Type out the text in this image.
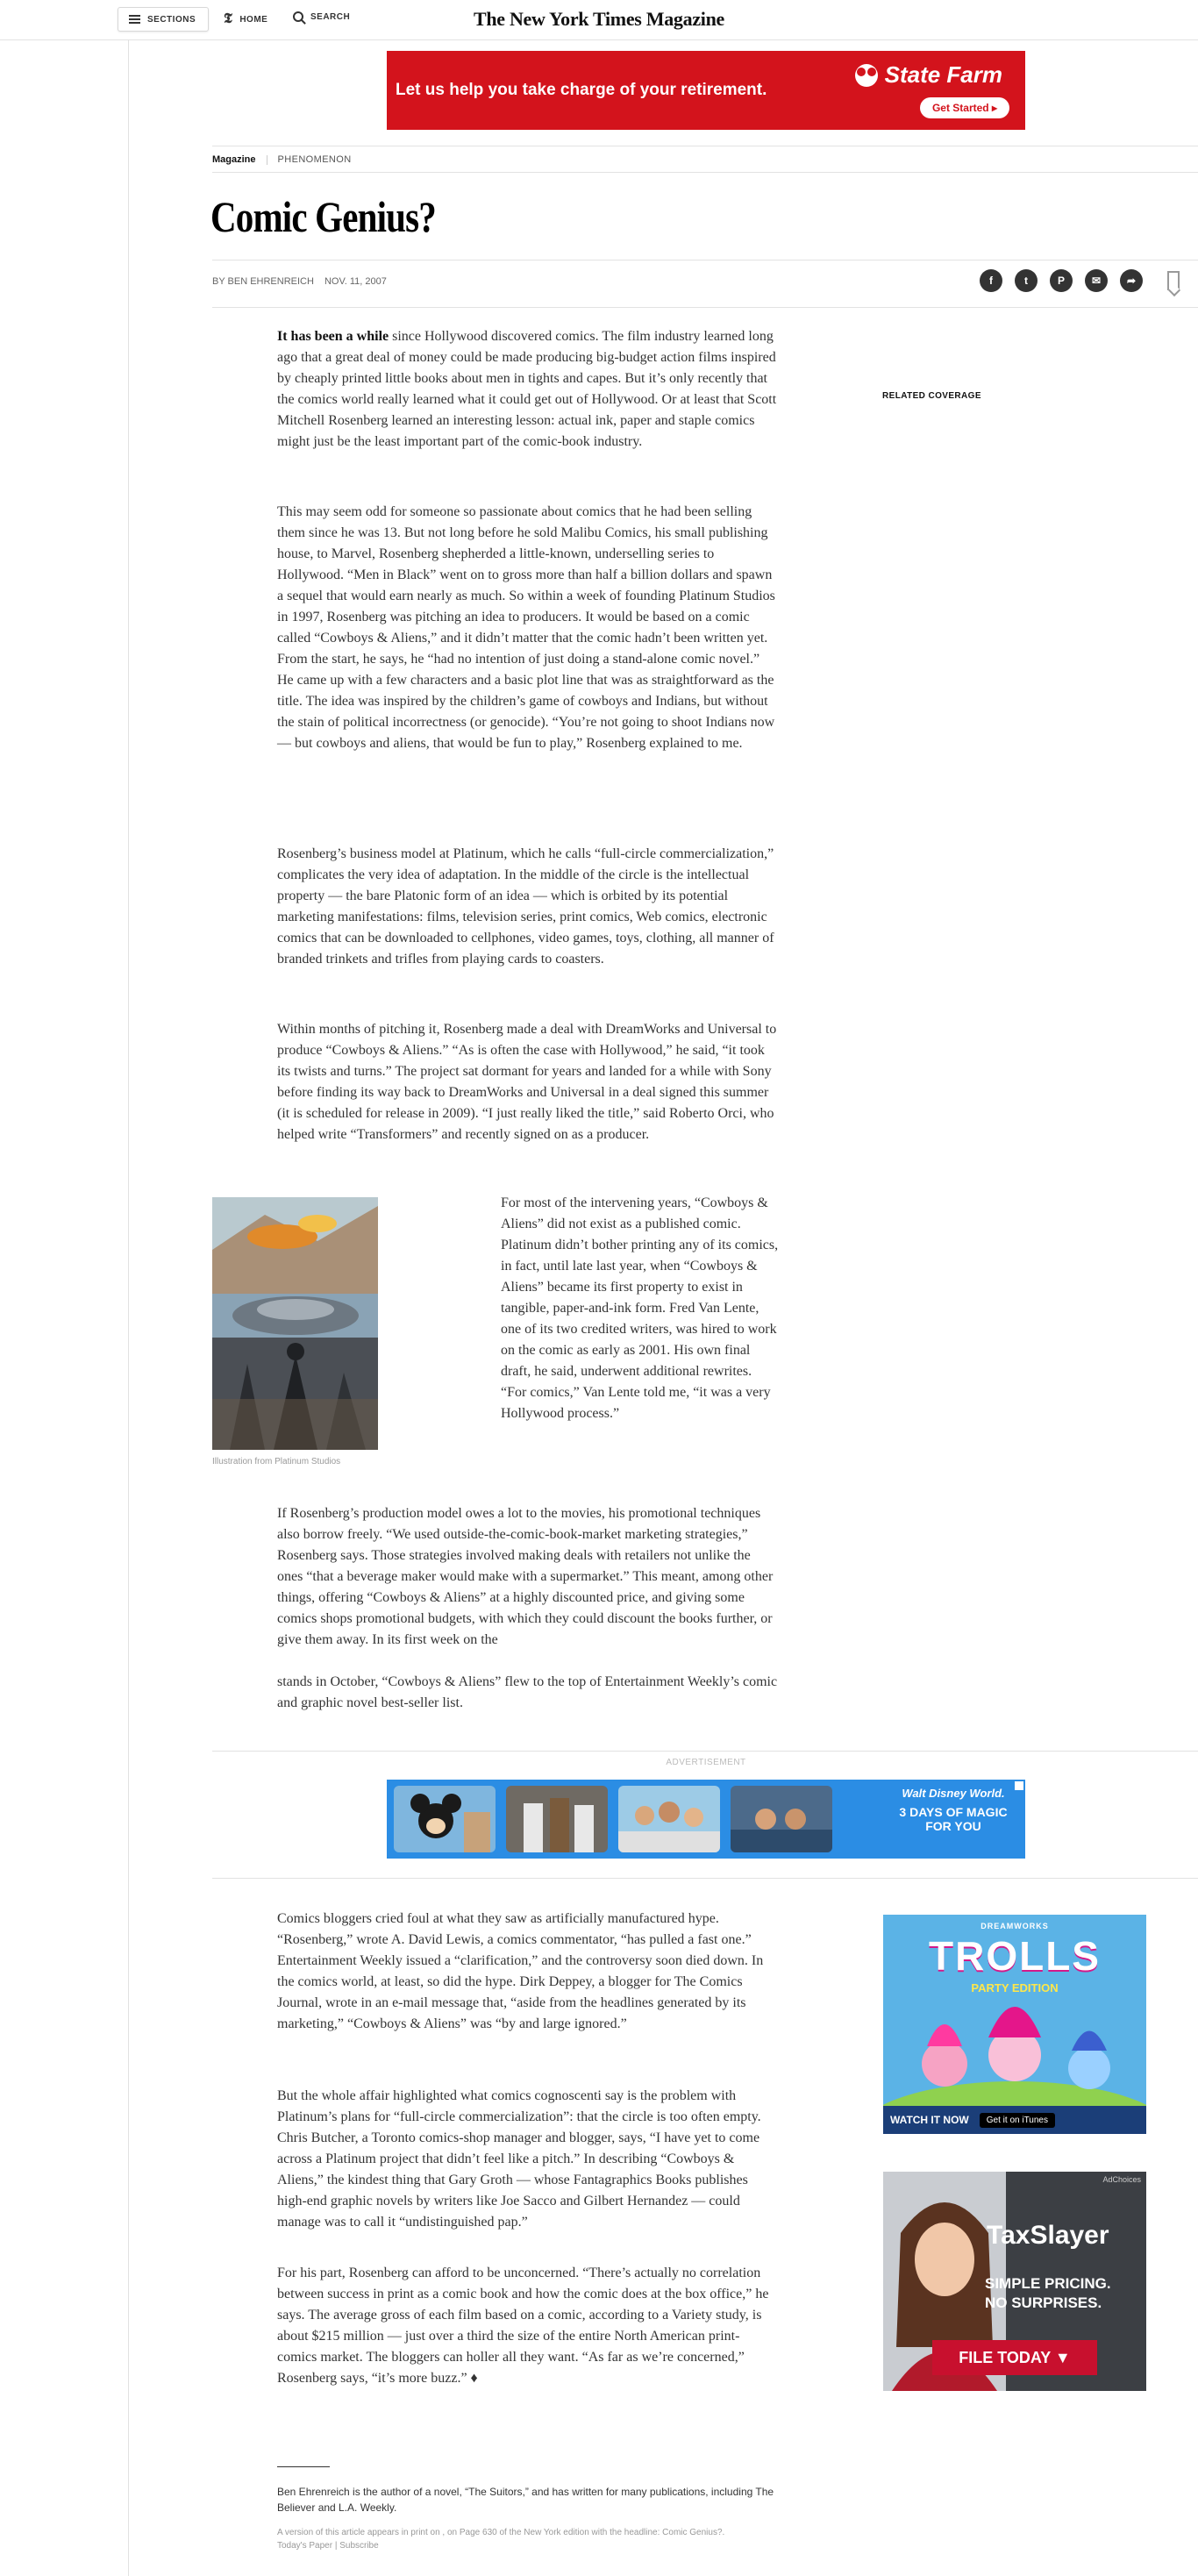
SECTIONS 𝕿 HOME	SEARCH	The New York Times Magazine
Let us help you take charge of your retirement.
State Farm
Get Started ▸
Magazine PHENOMENON
Comic Genius?
BY BEN EHRENREICH NOV. 11, 2007	f	t	P	✉	➦
RELATED COVERAGE

It has been a while since Hollywood discovered comics. The film industry learned long ago that a great deal of money could be made producing big-budget action films inspired by cheaply printed little books about men in tights and capes. But it’s only recently that the comics world really learned what it could get out of Hollywood. Or at least that Scott Mitchell Rosenberg learned an interesting lesson: actual ink, paper and staple comics might just be the least important part of the comic-book industry.

This may seem odd for someone so passionate about comics that he had been selling them since he was 13. But not long before he sold Malibu Comics, his small publishing house, to Marvel, Rosenberg shepherded a little-known, underselling series to Hollywood. “Men in Black” went on to gross more than half a billion dollars and spawn a sequel that would earn nearly as much. So within a week of founding Platinum Studios in 1997, Rosenberg was pitching an idea to producers. It would be based on a comic called “Cowboys & Aliens,” and it didn’t matter that the comic hadn’t been written yet. From the start, he says, he “had no intention of just doing a stand-alone comic novel.” He came up with a few characters and a basic plot line that was as straightforward as the title. The idea was inspired by the children’s game of cowboys and Indians, but without the stain of political incorrectness (or genocide). “You’re not going to shoot Indians now — but cowboys and aliens, that would be fun to play,” Rosenberg explained to me.

Rosenberg’s business model at Platinum, which he calls “full-circle commercialization,” complicates the very idea of adaptation. In the middle of the circle is the intellectual property — the bare Platonic form of an idea — which is orbited by its potential marketing manifestations: films, television series, print comics, Web comics, electronic comics that can be downloaded to cellphones, video games, toys, clothing, all manner of branded trinkets and trifles from playing cards to coasters.

Within months of pitching it, Rosenberg made a deal with DreamWorks and Universal to produce “Cowboys & Aliens.” “As is often the case with Hollywood,” he said, “it took its twists and turns.” The project sat dormant for years and landed for a while with Sony before finding its way back to DreamWorks and Universal in a deal signed this summer (it is scheduled for release in 2009). “I just really liked the title,” said Roberto Orci, who helped write “Transformers” and recently signed on as a producer.

Illustration from Platinum Studios

For most of the intervening years, “Cowboys & Aliens” did not exist as a published comic. Platinum didn’t bother printing any of its comics, in fact, until late last year, when “Cowboys & Aliens” became its first property to exist in tangible, paper-and-ink form. Fred Van Lente, one of its two credited writers, was hired to work on the comic as early as 2001. His own final draft, he said, underwent additional rewrites. “For comics,” Van Lente told me, “it was a very Hollywood process.”

If Rosenberg’s production model owes a lot to the movies, his promotional techniques also borrow freely. “We used outside-the-comic-book-market marketing strategies,” Rosenberg says. Those strategies involved making deals with retailers not unlike the ones “that a beverage maker would make with a supermarket.” This meant, among other things, offering “Cowboys & Aliens” at a highly discounted price, and giving some comics shops promotional budgets, with which they could discount the books further, or give them away. In its first week on the

stands in October, “Cowboys & Aliens” flew to the top of Entertainment Weekly’s comic and graphic novel best-seller list.

ADVERTISEMENT
Walt Disney World.
3 DAYS OF MAGIC FOR YOU

Comics bloggers cried foul at what they saw as artificially manufactured hype. “Rosenberg,” wrote A. David Lewis, a comics commentator, “has pulled a fast one.” Entertainment Weekly issued a “clarification,” and the controversy soon died down. In the comics world, at least, so did the hype. Dirk Deppey, a blogger for The Comics Journal, wrote in an e-mail message that, “aside from the headlines generated by its marketing,” “Cowboys & Aliens” was “by and large ignored.”

But the whole affair highlighted what comics cognoscenti say is the problem with Platinum’s plans for “full-circle commercialization”: that the circle is too often empty. Chris Butcher, a Toronto comics-shop manager and blogger, says, “I have yet to come across a Platinum project that didn’t feel like a pitch.” In describing “Cowboys & Aliens,” the kindest thing that Gary Groth — whose Fantagraphics Books publishes high-end graphic novels by writers like Joe Sacco and Gilbert Hernandez — could manage was to call it “undistinguished pap.”

For his part, Rosenberg can afford to be unconcerned. “There’s actually no correlation between success in print as a comic book and how the comic does at the box office,” he says. The average gross of each film based on a comic, according to a Variety study, is about $215 million — just over a third the size of the entire North American print-comics market. The bloggers can holler all they want. “As far as we’re concerned,” Rosenberg says, “it’s more buzz.” ♦

DREAMWORKS
TROLLS
PARTY EDITION
WATCH IT NOW	Get it on iTunes
AdChoices
TaxSlayer
SIMPLE PRICING.
NO SURPRISES.
FILE TODAY ▼
Ben Ehrenreich is the author of a novel, “The Suitors,” and has written for many publications, including The Believer and L.A. Weekly.
A version of this article appears in print on , on Page 630 of the New York edition with the headline: Comic Genius?.
Today's Paper | Subscribe
